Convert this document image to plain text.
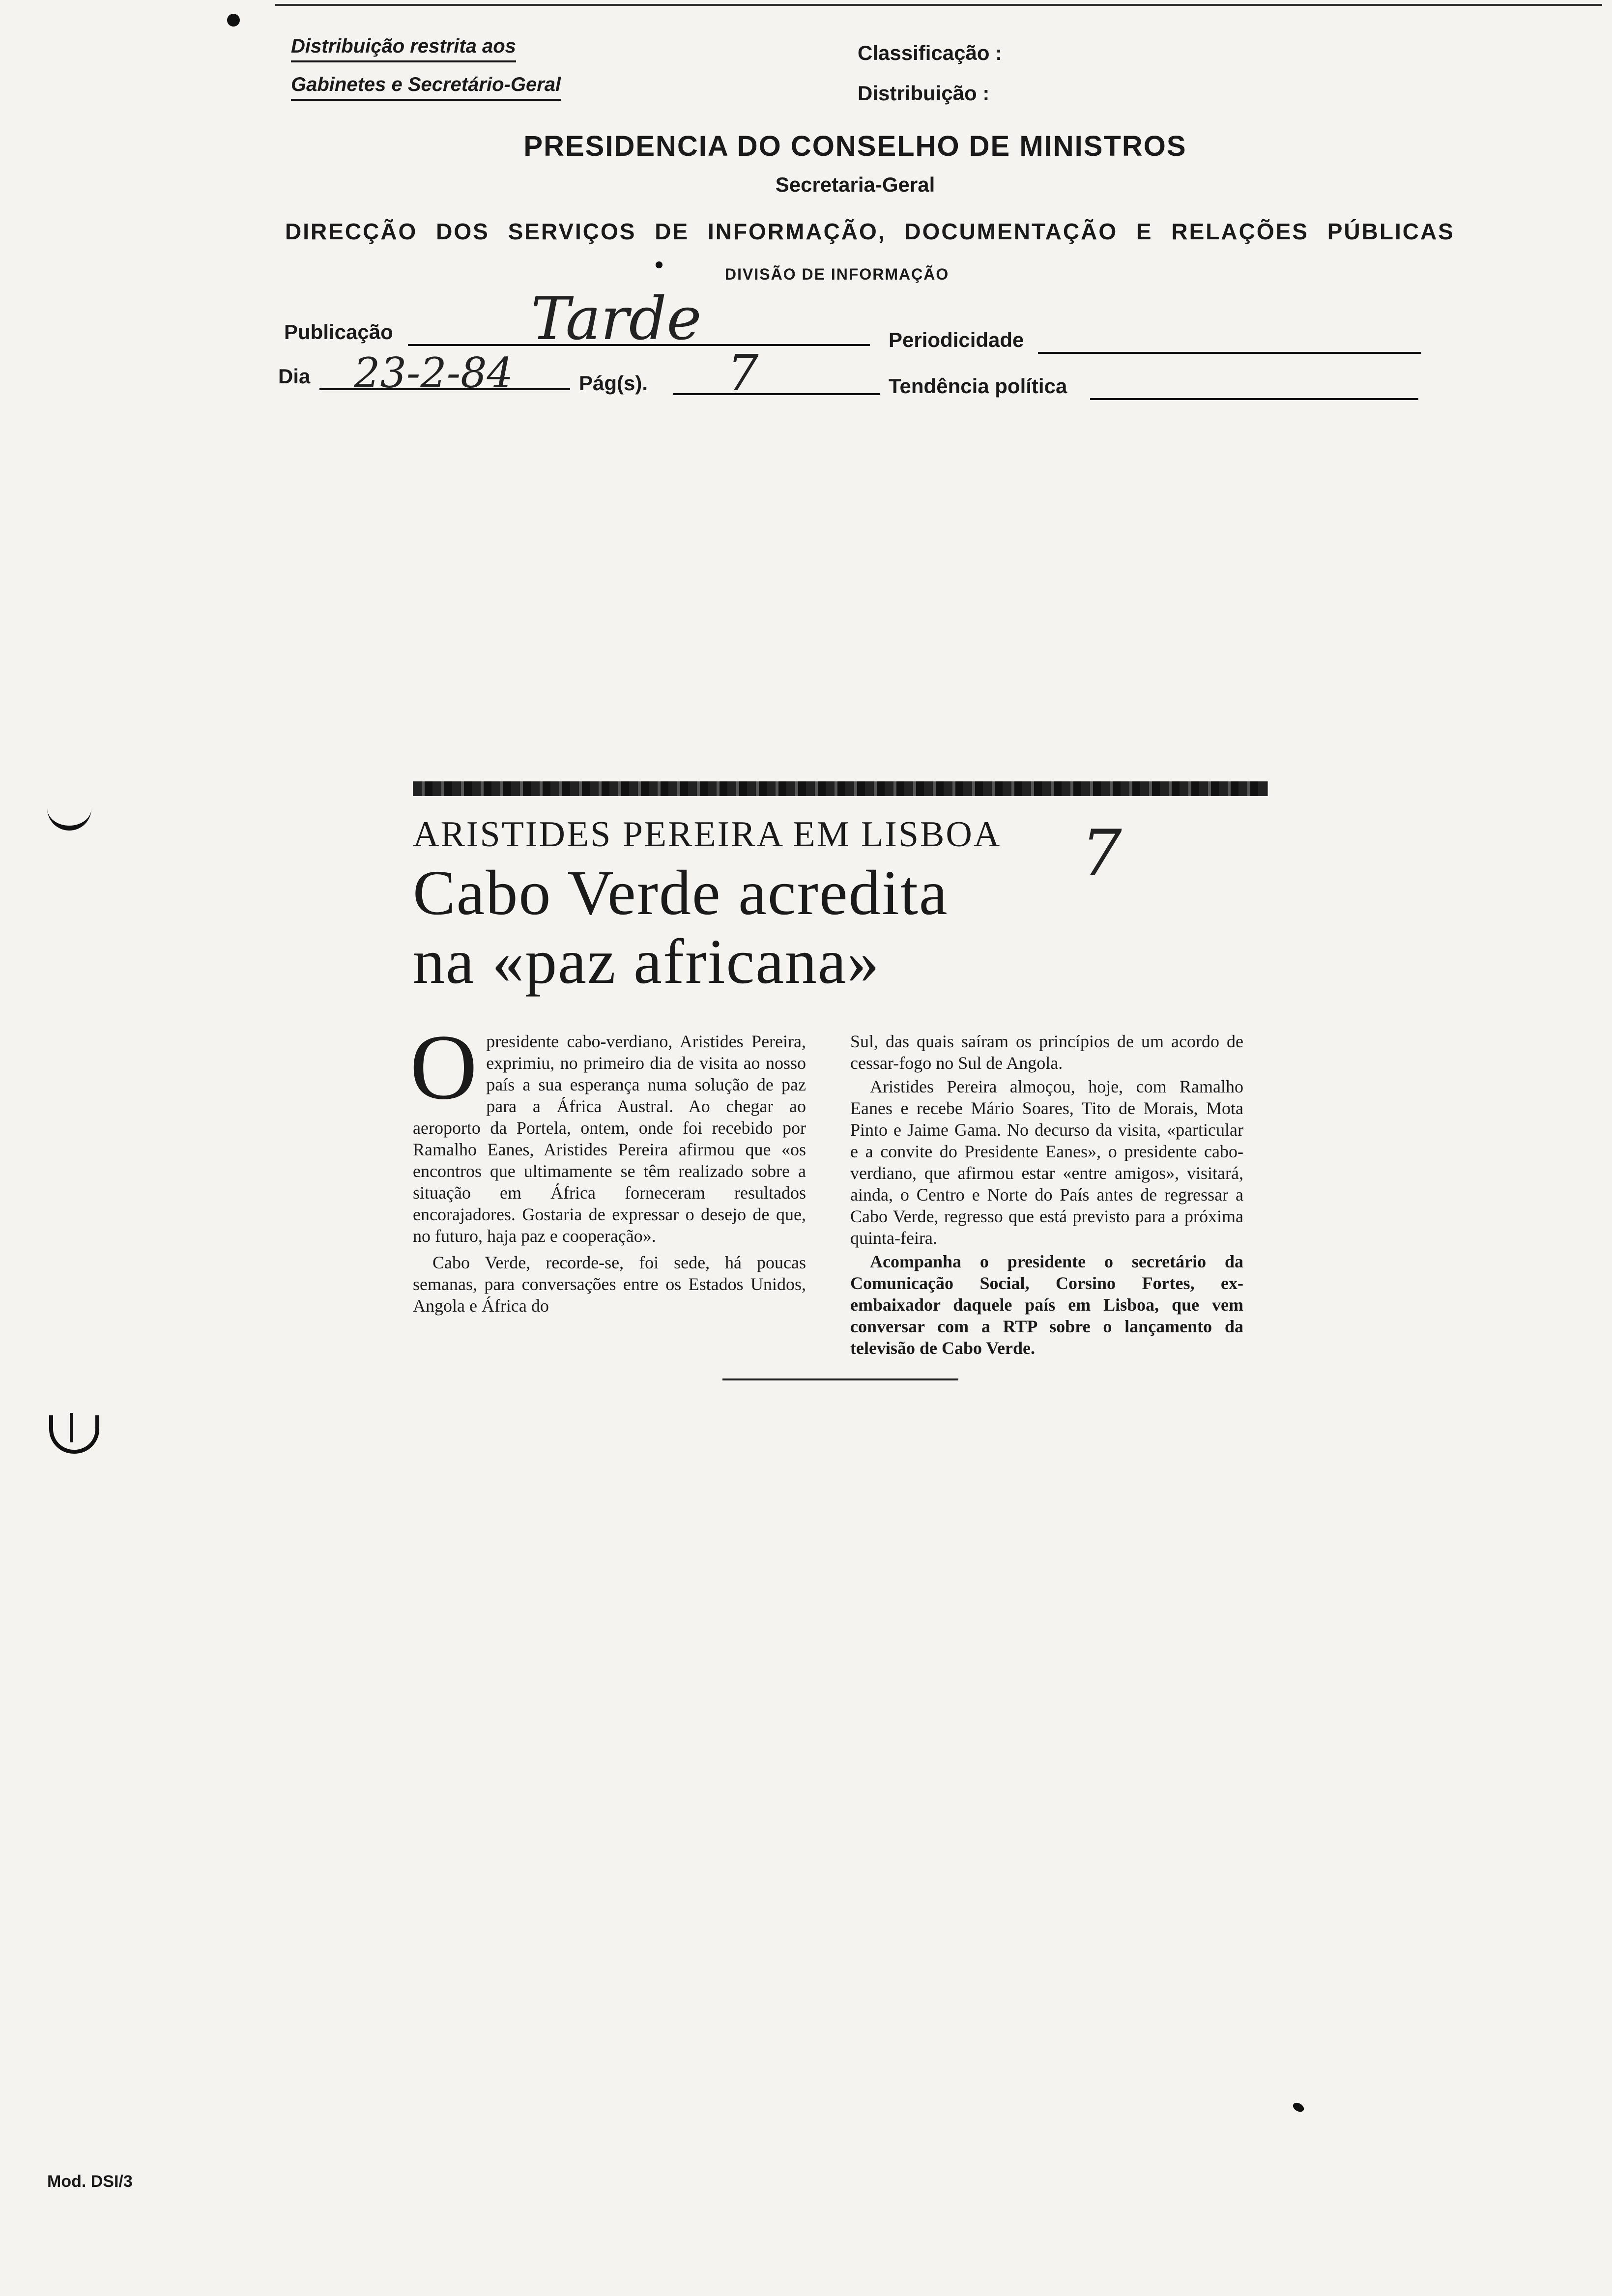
Distribuição restrita aos
Gabinetes e Secretário-Geral
Classificação :
Distribuição :
PRESIDENCIA DO CONSELHO DE MINISTROS
Secretaria-Geral
DIRECÇÃO DOS SERVIÇOS DE INFORMAÇÃO, DOCUMENTAÇÃO E RELAÇÕES PÚBLICAS
DIVISÃO DE INFORMAÇÃO
Publicação Tarde	Periodicidade
Dia 23-2-84	Pág(s). 7	Tendência política
ARISTIDES PEREIRA EM LISBOA
Cabo Verde acredita
na «paz africana»

O presidente cabo-verdiano, Aristides Pereira, exprimiu, no primeiro dia de visita ao nosso país a sua esperança numa solução de paz para a África Austral. Ao chegar ao aeroporto da Portela, ontem, onde foi recebido por Ramalho Eanes, Aristides Pereira afirmou que «os encontros que ultimamente se têm realizado sobre a situação em África forneceram resultados encorajadores. Gostaria de expressar o desejo de que, no futuro, haja paz e cooperação».

Cabo Verde, recorde-se, foi sede, há poucas semanas, para conversações entre os Estados Unidos, Angola e África do

Sul, das quais saíram os princípios de um acordo de cessar-fogo no Sul de Angola.

Aristides Pereira almoçou, hoje, com Ramalho Eanes e recebe Mário Soares, Tito de Morais, Mota Pinto e Jaime Gama. No decurso da visita, «particular e a convite do Presidente Eanes», o presidente cabo-verdiano, que afirmou estar «entre amigos», visitará, ainda, o Centro e Norte do País antes de regressar a Cabo Verde, regresso que está previsto para a próxima quinta-feira.

Acompanha o presidente o secretário da Comunicação Social, Corsino Fortes, ex-embaixador daquele país em Lisboa, que vem conversar com a RTP sobre o lançamento da televisão de Cabo Verde.

7
Mod. DSI/3
